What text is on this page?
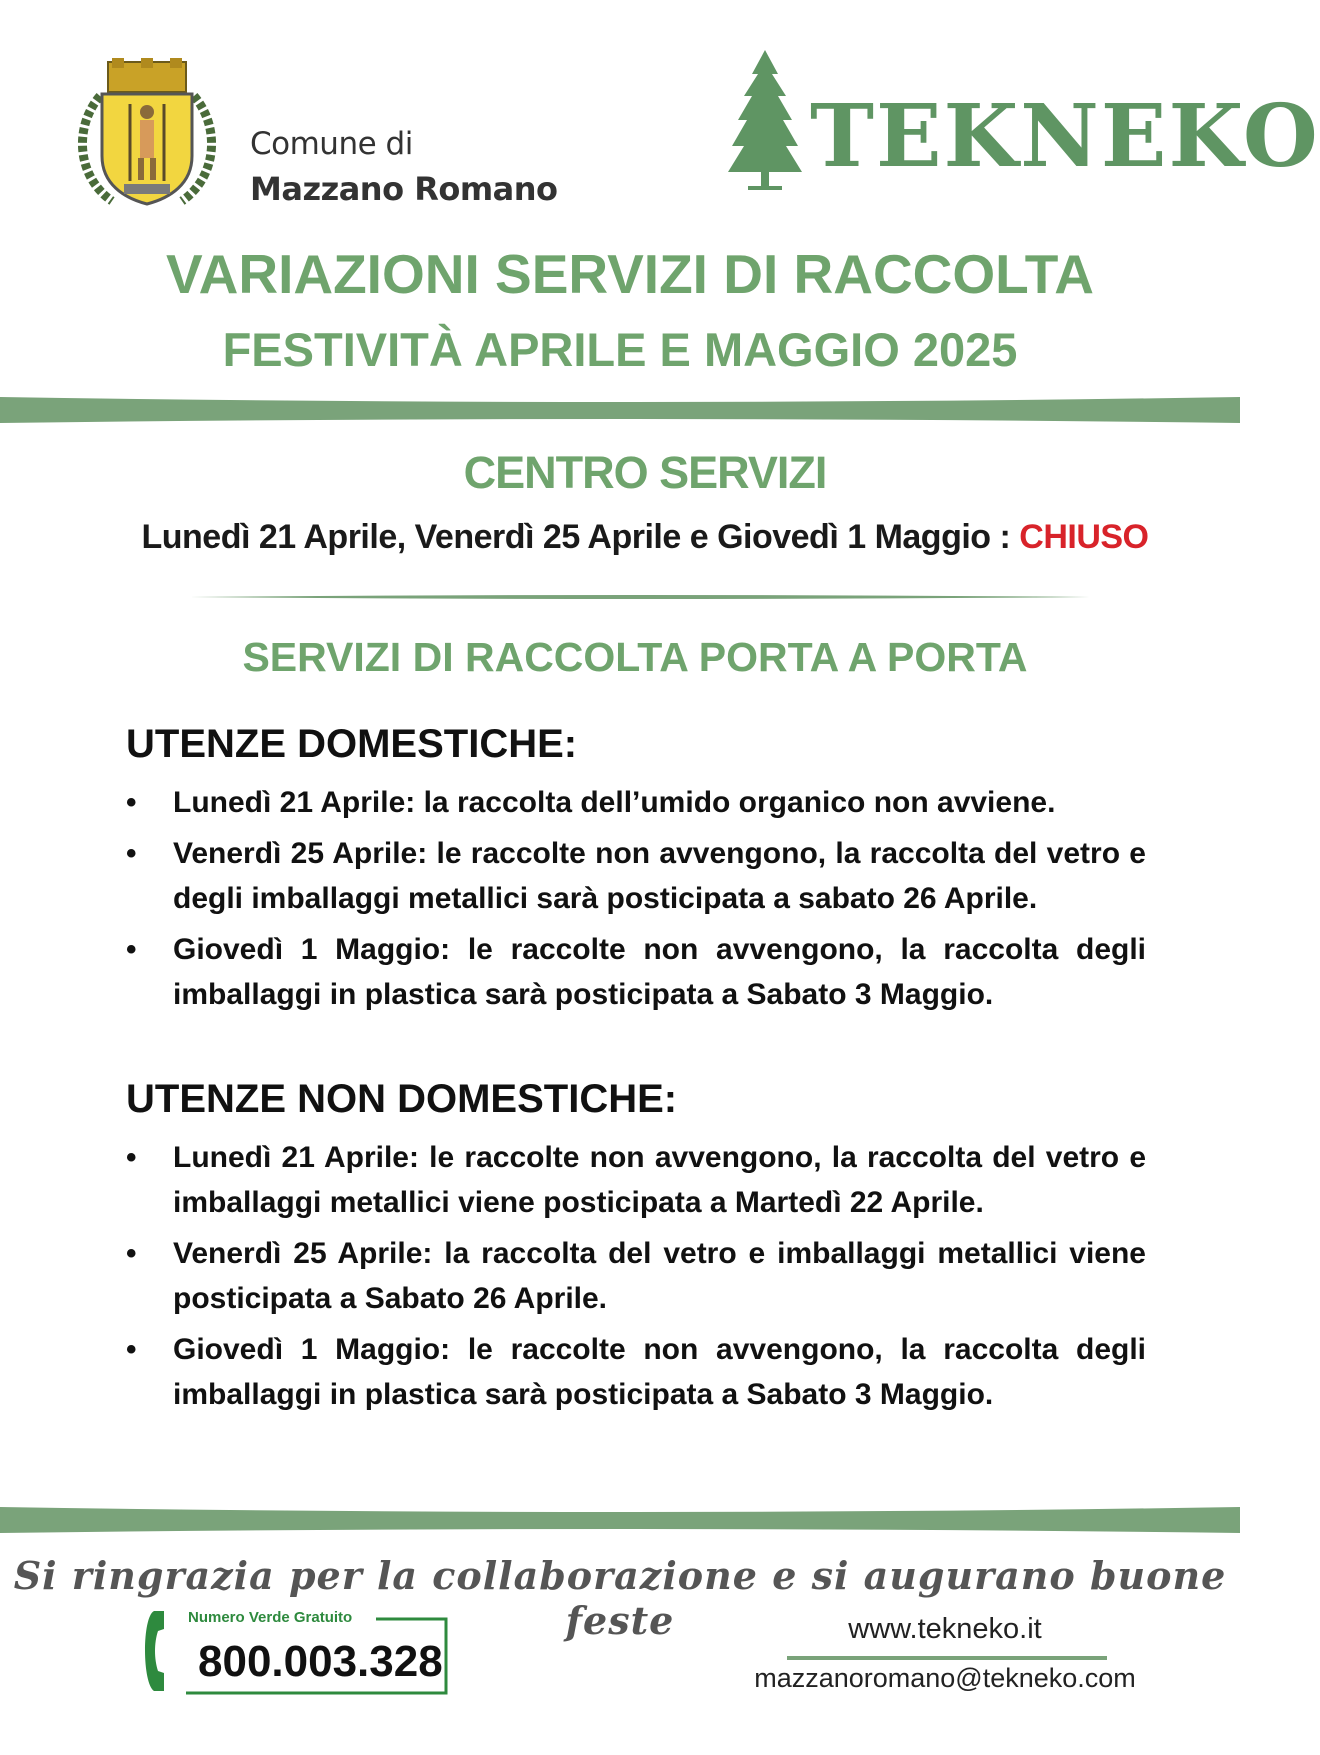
Comune di
Mazzano Romano
TEKNEKO
VARIAZIONI SERVIZI DI RACCOLTA
FESTIVITÀ APRILE E MAGGIO 2025
CENTRO SERVIZI
Lunedì 21 Aprile, Venerdì 25 Aprile e Giovedì 1 Maggio : CHIUSO
SERVIZI DI RACCOLTA PORTA A PORTA
UTENZE DOMESTICHE:
• Lunedì 21 Aprile: la raccolta dell’umido organico non avviene.
• Venerdì 25 Aprile: le raccolte non avvengono, la raccolta del vetro e degli imballaggi metallici sarà posticipata a sabato 26 Aprile.
• Giovedì 1 Maggio: le raccolte non avvengono, la raccolta degli imballaggi in plastica sarà posticipata a Sabato 3 Maggio.
UTENZE NON DOMESTICHE:
• Lunedì 21 Aprile: le raccolte non avvengono, la raccolta del vetro e imballaggi metallici viene posticipata a Martedì 22 Aprile.
• Venerdì 25 Aprile: la raccolta del vetro e imballaggi metallici viene posticipata a Sabato 26 Aprile.
• Giovedì 1 Maggio: le raccolte non avvengono, la raccolta degli imballaggi in plastica sarà posticipata a Sabato 3 Maggio.
Si ringrazia per la collaborazione e si augurano buone feste
Numero Verde Gratuito
800.003.328
www.tekneko.it
mazzanoromano@tekneko.com
